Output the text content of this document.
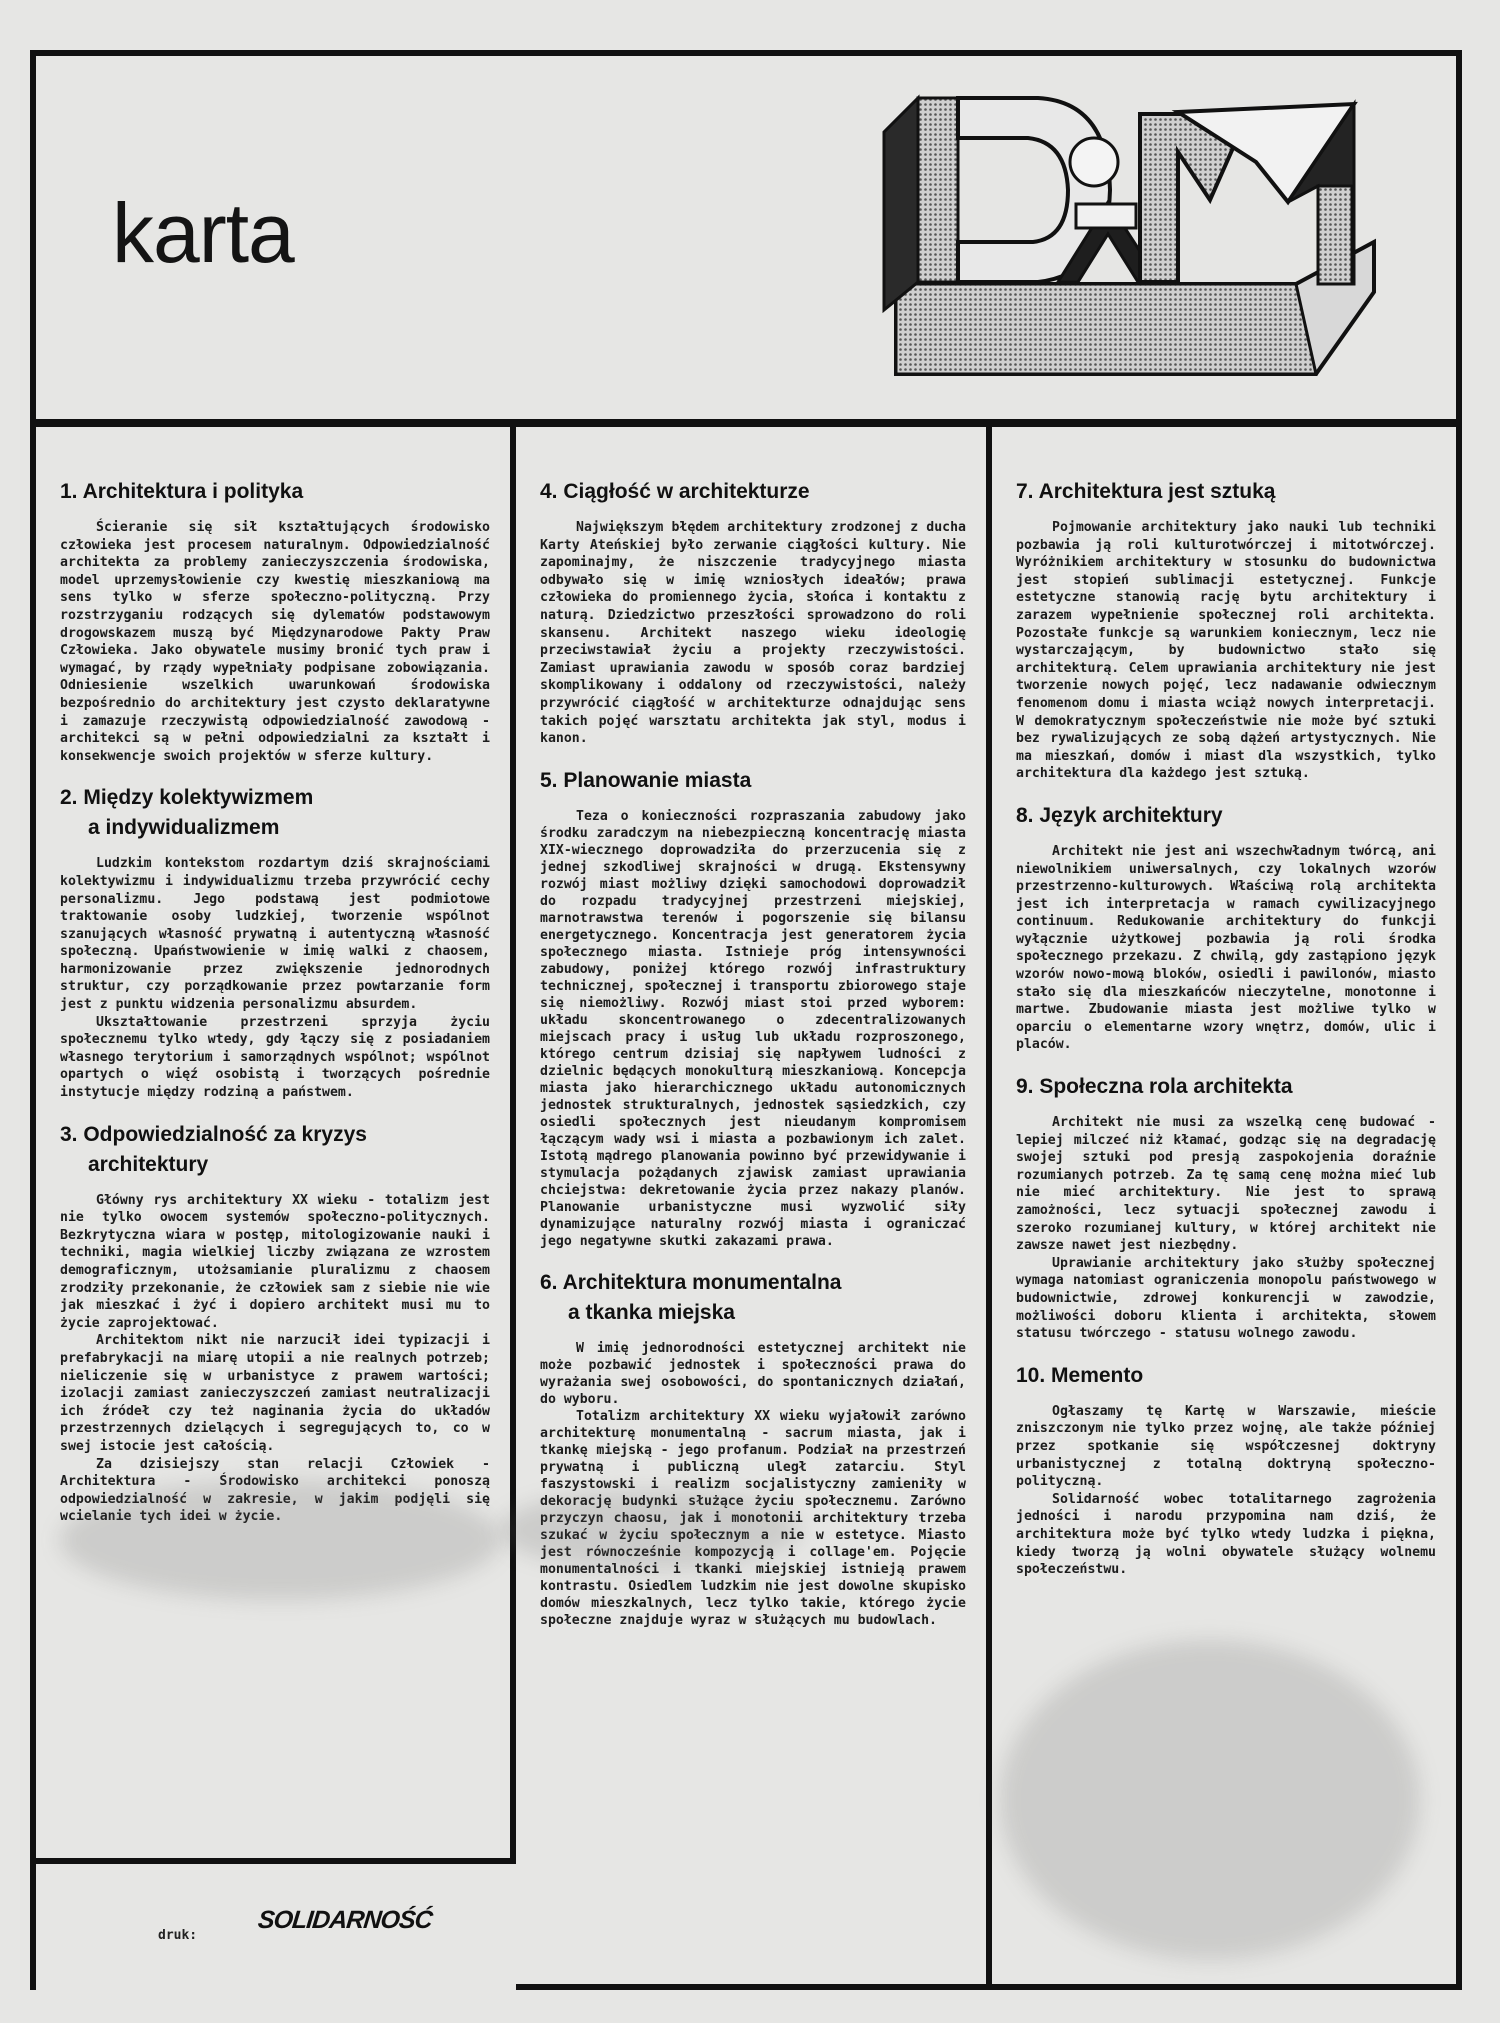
karta
1. Architektura i polityka

Ścieranie się sił kształtujących środowisko człowieka jest procesem naturalnym. Odpowiedzialność architekta za problemy zanieczyszczenia środowiska, model uprzemysłowienie czy kwestię mieszkaniową ma sens tylko w sferze społeczno-polityczną. Przy rozstrzyganiu rodzących się dylematów podstawowym drogowskazem muszą być Międzynarodowe Pakty Praw Człowieka. Jako obywatele musimy bronić tych praw i wymagać, by rządy wypełniały podpisane zobowiązania. Odniesienie wszelkich uwarunkowań środowiska bezpośrednio do architektury jest czysto deklaratywne i zamazuje rzeczywistą odpowiedzialność zawodową - architekci są w pełni odpowiedzialni za kształt i konsekwencje swoich projektów w sferze kultury.

2. Między kolektywizmem
a indywidualizmem

Ludzkim kontekstom rozdartym dziś skrajnościami kolektywizmu i indywidualizmu trzeba przywrócić cechy personalizmu. Jego podstawą jest podmiotowe traktowanie osoby ludzkiej, tworzenie wspólnot szanujących własność prywatną i autentyczną własność społeczną. Upaństwowienie w imię walki z chaosem, harmonizowanie przez zwiększenie jednorodnych struktur, czy porządkowanie przez powtarzanie form jest z punktu widzenia personalizmu absurdem.

Ukształtowanie przestrzeni sprzyja życiu społecznemu tylko wtedy, gdy łączy się z posiadaniem własnego terytorium i samorządnych wspólnot; wspólnot opartych o więź osobistą i tworzących pośrednie instytucje między rodziną a państwem.

3. Odpowiedzialność za kryzys
architektury

Główny rys architektury XX wieku - totalizm jest nie tylko owocem systemów społeczno-politycznych. Bezkrytyczna wiara w postęp, mitologizowanie nauki i techniki, magia wielkiej liczby związana ze wzrostem demograficznym, utożsamianie pluralizmu z chaosem zrodziły przekonanie, że człowiek sam z siebie nie wie jak mieszkać i żyć i dopiero architekt musi mu to życie zaprojektować.

Architektom nikt nie narzucił idei typizacji i prefabrykacji na miarę utopii a nie realnych potrzeb; nieliczenie się w urbanistyce z prawem wartości; izolacji zamiast zanieczyszczeń zamiast neutralizacji ich źródeł czy też naginania życia do układów przestrzennych dzielących i segregujących to, co w swej istocie jest całością.

Za dzisiejszy stan relacji Człowiek - Architektura - Środowisko architekci ponoszą odpowiedzialność w zakresie, w jakim podjęli się wcielanie tych idei w życie.

4. Ciągłość w architekturze

Największym błędem architektury zrodzonej z ducha Karty Ateńskiej było zerwanie ciągłości kultury. Nie zapominajmy, że niszczenie tradycyjnego miasta odbywało się w imię wzniosłych ideałów; prawa człowieka do promiennego życia, słońca i kontaktu z naturą. Dziedzictwo przeszłości sprowadzono do roli skansenu. Architekt naszego wieku ideologię przeciwstawiał życiu a projekty rzeczywistości. Zamiast uprawiania zawodu w sposób coraz bardziej skomplikowany i oddalony od rzeczywistości, należy przywrócić ciągłość w architekturze odnajdując sens takich pojęć warsztatu architekta jak styl, modus i kanon.

5. Planowanie miasta

Teza o konieczności rozpraszania zabudowy jako środku zaradczym na niebezpieczną koncentrację miasta XIX-wiecznego doprowadziła do przerzucenia się z jednej szkodliwej skrajności w drugą. Ekstensywny rozwój miast możliwy dzięki samochodowi doprowadził do rozpadu tradycyjnej przestrzeni miejskiej, marnotrawstwa terenów i pogorszenie się bilansu energetycznego. Koncentracja jest generatorem życia społecznego miasta. Istnieje próg intensywności zabudowy, poniżej którego rozwój infrastruktury technicznej, społecznej i transportu zbiorowego staje się niemożliwy. Rozwój miast stoi przed wyborem: układu skoncentrowanego o zdecentralizowanych miejscach pracy i usług lub układu rozproszonego, którego centrum dzisiaj się napływem ludności z dzielnic będących monokulturą mieszkaniową. Koncepcja miasta jako hierarchicznego układu autonomicznych jednostek strukturalnych, jednostek sąsiedzkich, czy osiedli społecznych jest nieudanym kompromisem łączącym wady wsi i miasta a pozbawionym ich zalet. Istotą mądrego planowania powinno być przewidywanie i stymulacja pożądanych zjawisk zamiast uprawiania chciejstwa: dekretowanie życia przez nakazy planów. Planowanie urbanistyczne musi wyzwolić siły dynamizujące naturalny rozwój miasta i ograniczać jego negatywne skutki zakazami prawa.

6. Architektura monumentalna
a tkanka miejska

W imię jednorodności estetycznej architekt nie może pozbawić jednostek i społeczności prawa do wyrażania swej osobowości, do spontanicznych działań, do wyboru.

Totalizm architektury XX wieku wyjałowił zarówno architekturę monumentalną - sacrum miasta, jak i tkankę miejską - jego profanum. Podział na przestrzeń prywatną i publiczną uległ zatarciu. Styl faszystowski i realizm socjalistyczny zamieniły w dekorację budynki służące życiu społecznemu. Zarówno przyczyn chaosu, jak i monotonii architektury trzeba szukać w życiu społecznym a nie w estetyce. Miasto jest równocześnie kompozycją i collage'em. Pojęcie monumentalności i tkanki miejskiej istnieją prawem kontrastu. Osiedlem ludzkim nie jest dowolne skupisko domów mieszkalnych, lecz tylko takie, którego życie społeczne znajduje wyraz w służących mu budowlach.

7. Architektura jest sztuką

Pojmowanie architektury jako nauki lub techniki pozbawia ją roli kulturotwórczej i mitotwórczej. Wyróżnikiem architektury w stosunku do budownictwa jest stopień sublimacji estetycznej. Funkcje estetyczne stanowią rację bytu architektury i zarazem wypełnienie społecznej roli architekta. Pozostałe funkcje są warunkiem koniecznym, lecz nie wystarczającym, by budownictwo stało się architekturą. Celem uprawiania architektury nie jest tworzenie nowych pojęć, lecz nadawanie odwiecznym fenomenom domu i miasta wciąż nowych interpretacji. W demokratycznym społeczeństwie nie może być sztuki bez rywalizujących ze sobą dążeń artystycznych. Nie ma mieszkań, domów i miast dla wszystkich, tylko architektura dla każdego jest sztuką.

8. Język architektury

Architekt nie jest ani wszechwładnym twórcą, ani niewolnikiem uniwersalnych, czy lokalnych wzorów przestrzenno-kulturowych. Właściwą rolą architekta jest ich interpretacja w ramach cywilizacyjnego continuum. Redukowanie architektury do funkcji wyłącznie użytkowej pozbawia ją roli środka społecznego przekazu. Z chwilą, gdy zastąpiono język wzorów nowo-mową bloków, osiedli i pawilonów, miasto stało się dla mieszkańców nieczytelne, monotonne i martwe. Zbudowanie miasta jest możliwe tylko w oparciu o elementarne wzory wnętrz, domów, ulic i placów.

9. Społeczna rola architekta

Architekt nie musi za wszelką cenę budować - lepiej milczeć niż kłamać, godząc się na degradację swojej sztuki pod presją zaspokojenia doraźnie rozumianych potrzeb. Za tę samą cenę można mieć lub nie mieć architektury. Nie jest to sprawą zamożności, lecz sytuacji społecznej zawodu i szeroko rozumianej kultury, w której architekt nie zawsze nawet jest niezbędny.

Uprawianie architektury jako służby społecznej wymaga natomiast ograniczenia monopolu państwowego w budownictwie, zdrowej konkurencji w zawodzie, możliwości doboru klienta i architekta, słowem statusu twórczego - statusu wolnego zawodu.

10. Memento

Ogłaszamy tę Kartę w Warszawie, mieście zniszczonym nie tylko przez wojnę, ale także później przez spotkanie się współczesnej doktryny urbanistycznej z totalną doktryną społeczno-polityczną.

Solidarność wobec totalitarnego zagrożenia jedności i narodu przypomina nam dziś, że architektura może być tylko wtedy ludzka i piękna, kiedy tworzą ją wolni obywatele służący wolnemu społeczeństwu.

druk:
SOLIDARNOŚĆ
